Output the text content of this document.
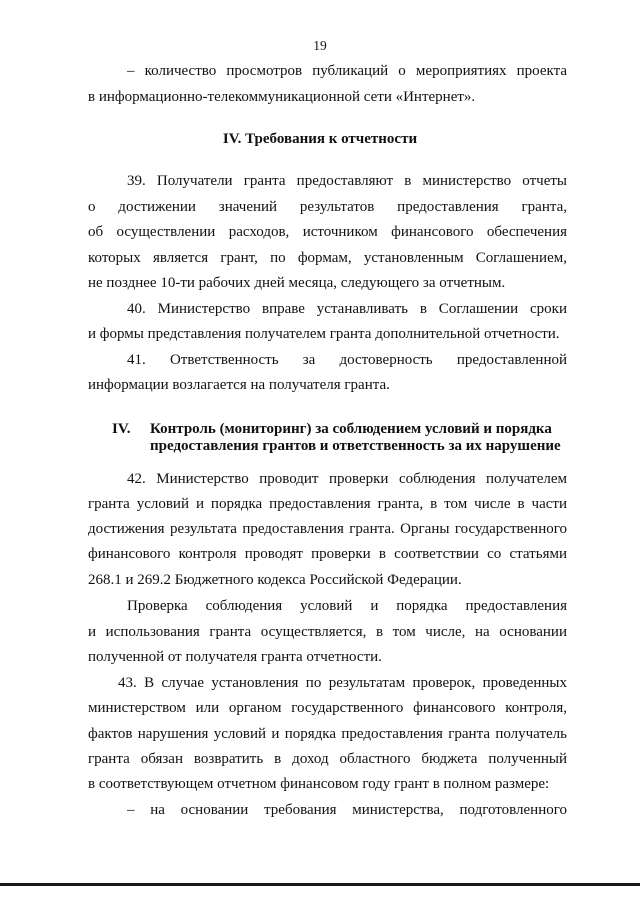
19
– количество просмотров публикаций о мероприятиях проекта
в информационно-телекоммуникационной сети «Интернет».
IV. Требования к отчетности
39. Получатели гранта предоставляют в министерство отчеты
о достижении значений результатов предоставления гранта,
об осуществлении расходов, источником финансового обеспечения
которых является грант, по формам, установленным Соглашением,
не позднее 10-ти рабочих дней месяца, следующего за отчетным.
40. Министерство вправе устанавливать в Соглашении сроки
и формы представления получателем гранта дополнительной отчетности.
41. Ответственность за достоверность предоставленной
информации возлагается на получателя гранта.
IV. Контроль (мониторинг) за соблюдением условий и порядка
предоставления грантов и ответственность за их нарушение
42. Министерство проводит проверки соблюдения получателем
гранта условий и порядка предоставления гранта, в том числе в части
достижения результата предоставления гранта. Органы государственного
финансового контроля проводят проверки в соответствии со статьями
268.1 и 269.2 Бюджетного кодекса Российской Федерации.
Проверка соблюдения условий и порядка предоставления
и использования гранта осуществляется, в том числе, на основании
полученной от получателя гранта отчетности.
43. В случае установления по результатам проверок, проведенных
министерством или органом государственного финансового контроля,
фактов нарушения условий и порядка предоставления гранта получатель
гранта обязан возвратить в доход областного бюджета полученный
в соответствующем отчетном финансовом году грант в полном размере:
– на основании требования министерства, подготовленного
